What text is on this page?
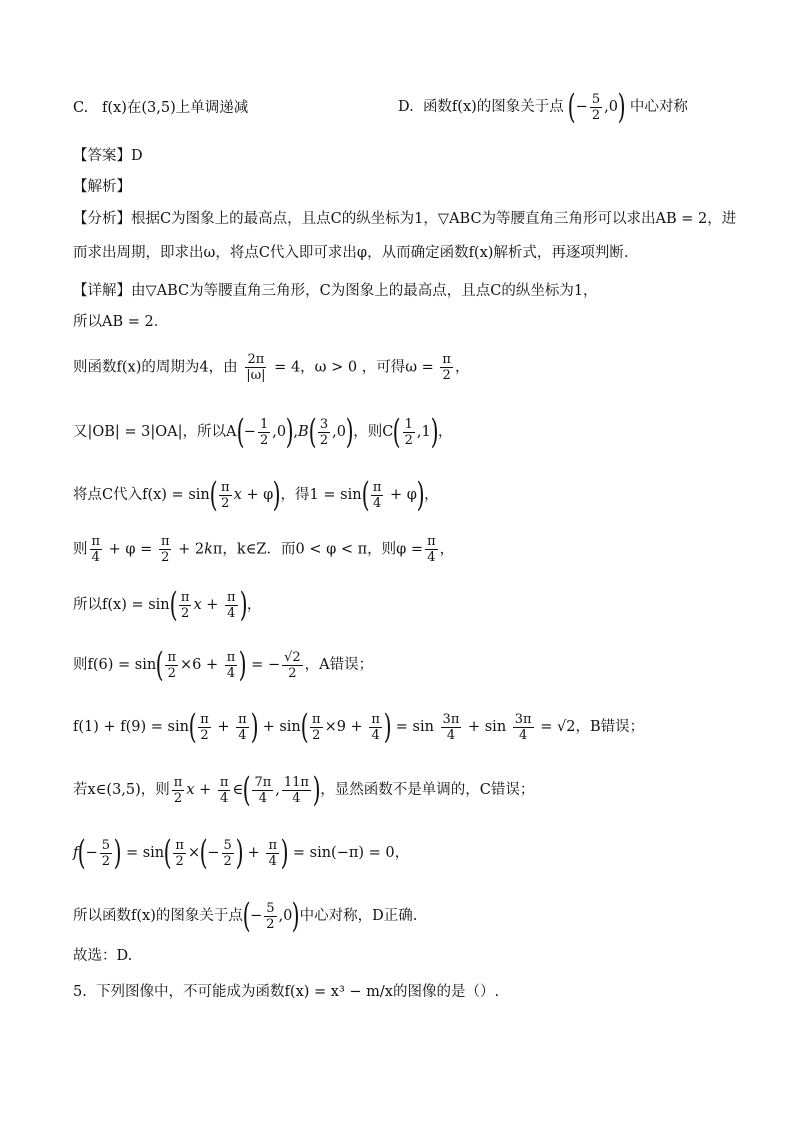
C. f(x)在(3,5)上单调递减	D. 函数f(x)的图象关于点 (− $\frac{5}{2} ,0$) 中心对称
【答案】D
【解析】
【分析】根据C为图象上的最高点，且点C的纵坐标为1，▽ABC为等腰直角三角形可以求出AB = 2，进
而求出周期，即求出ω，将点C代入即可求出φ，从而确定函数f(x)解析式，再逐项判断.
【详解】由▽ABC为等腰直角三角形，C为图象上的最高点，且点C的纵坐标为1，
所以AB = 2．
则函数f(x)的周期为4，由 $\frac{2\pi}{|\omega|} = 4$，ω > 0 ，可得$\omega = \frac{\pi}{2}$ ，
又|OB| = 3|OA|，所以$A(- \frac{1}{2} ,0),B( \frac{3}{2} ,0)$，则$C( \frac{1}{2} ,1)$，
将点C代入$f(x) = \sin( \frac{\pi}{2}$ x + φ)，得$1 = \sin( \frac{\pi}{4} + \varphi)$，
则 $\frac{\pi}{4} + \varphi = \frac{\pi}{2} + 2k\pi$，k∈Z．而0 < φ < π，则$\varphi = \frac{\pi}{4}$ ，
所以$f(x) = \sin( \frac{\pi}{2}$ $x + \frac{\pi}{4}$ )，
则$f(6) = \sin( \frac{\pi}{2} \times 6 + \frac{\pi}{4}$ ) = − $\frac{√2}{2}$ ，A错误；
$f(1) + f(9) = \sin( \frac{\pi}{2} + \frac{\pi}{4}$ ) + $\sin( \frac{\pi}{2} \times 9 + \frac{\pi}{4}$ ) = $\sin \frac{3\pi}{4} + \sin \frac{3\pi}{4} = √2$，B错误；
若x∈(3,5)，则 $\frac{\pi}{2}$ $x + \frac{\pi}{4}$ ∈( $\frac{7\pi}{4}$ , $\frac{11\pi}{4}$ )，显然函数不是单调的，C错误；
$f(- \frac{5}{2}$ ) = $\sin( \frac{\pi}{2}$ ×(− $\frac{5}{2}$ ) + $\frac{\pi}{4}$ ) = sin(−π) = 0，
所以函数f(x)的图象关于点(− $\frac{5}{2} ,0$)中心对称，D正确.
故选：D.
5. 下列图像中，不可能成为函数f(x) = x³ − m/x的图像的是（）.
